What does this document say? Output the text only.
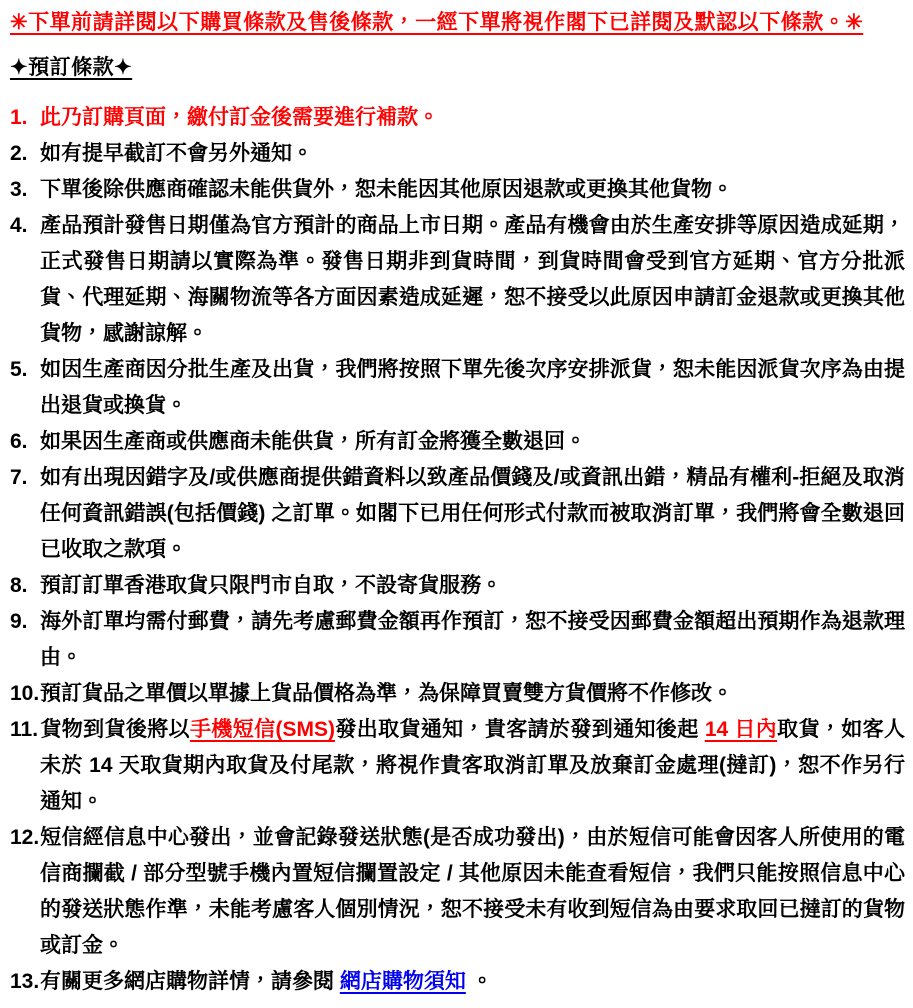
✳下單前請詳閱以下購買條款及售後條款，一經下單將視作閣下已詳閱及默認以下條款。✳
✦預訂條款✦
1. 此乃訂購頁面，繳付訂金後需要進行補款。
2. 如有提早截訂不會另外通知。
3. 下單後除供應商確認未能供貨外，恕未能因其他原因退款或更換其他貨物。
4. 產品預計發售日期僅為官方預計的商品上市日期。產品有機會由於生產安排等原因造成延期，正式發售日期請以實際為準。發售日期非到貨時間，到貨時間會受到官方延期、官方分批派貨、代理延期、海關物流等各方面因素造成延遲，恕不接受以此原因申請訂金退款或更換其他貨物，感謝諒解。
5. 如因生產商因分批生產及出貨，我們將按照下單先後次序安排派貨，恕未能因派貨次序為由提出退貨或換貨。
6. 如果因生產商或供應商未能供貨，所有訂金將獲全數退回。
7. 如有出現因錯字及/或供應商提供錯資料以致產品價錢及/或資訊出錯，精品有權利-拒絕及取消任何資訊錯誤(包括價錢) 之訂單。如閣下已用任何形式付款而被取消訂單，我們將會全數退回已收取之款項。
8. 預訂訂單香港取貨只限門市自取，不設寄貨服務。
9. 海外訂單均需付郵費，請先考慮郵費金額再作預訂，恕不接受因郵費金額超出預期作為退款理由。
10.預訂貨品之單價以單據上貨品價格為準，為保障買賣雙方貨價將不作修改。
11.貨物到貨後將以手機短信(SMS)發出取貨通知，貴客請於發到通知後起 14 日內取貨，如客人未於 14 天取貨期內取貨及付尾款，將視作貴客取消訂單及放棄訂金處理(撻訂)，恕不作另行通知。
12.短信經信息中心發出，並會記錄發送狀態(是否成功發出)，由於短信可能會因客人所使用的電信商攔截 / 部分型號手機內置短信攔置設定 / 其他原因未能查看短信，我們只能按照信息中心的發送狀態作準，未能考慮客人個別情況，恕不接受未有收到短信為由要求取回已撻訂的貨物或訂金。
13.有關更多網店購物詳情，請參閱 網店購物須知 。
